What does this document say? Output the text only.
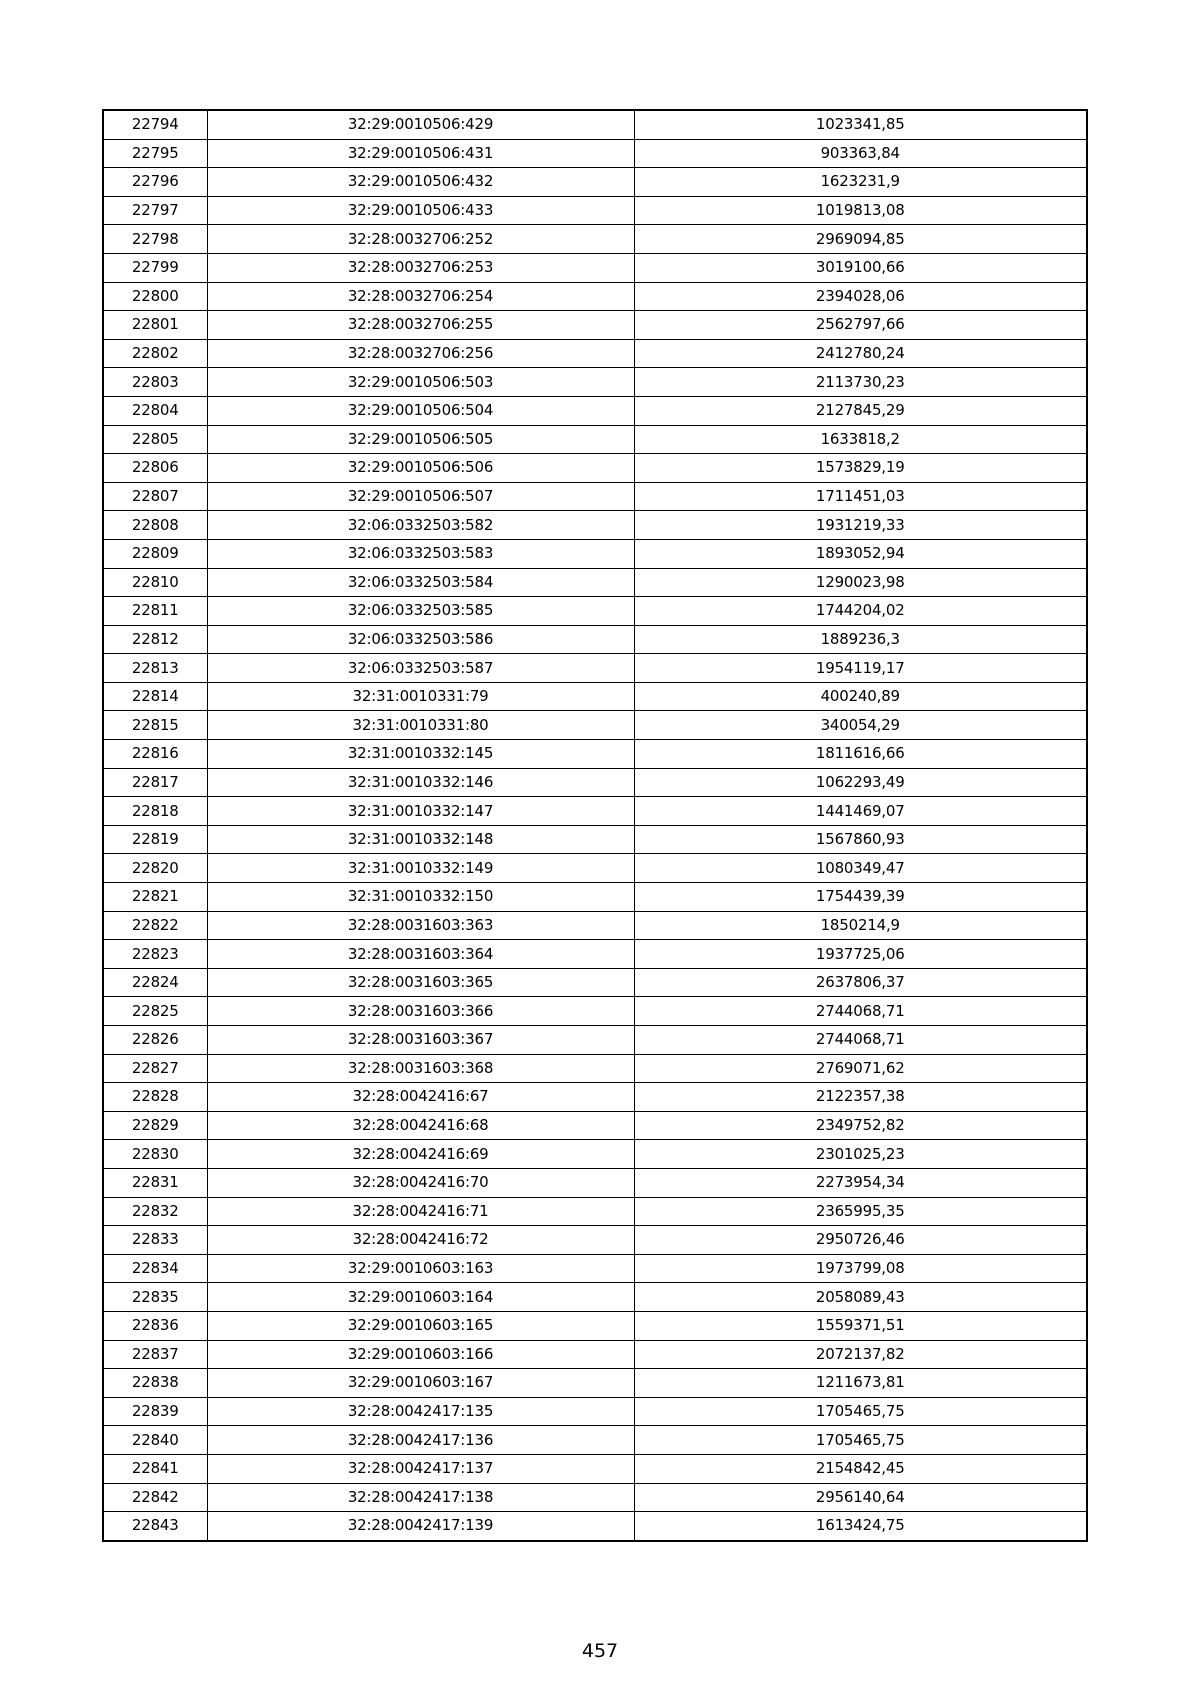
22794	32:29:0010506:429	1023341,85
22795	32:29:0010506:431	903363,84
22796	32:29:0010506:432	1623231,9
22797	32:29:0010506:433	1019813,08
22798	32:28:0032706:252	2969094,85
22799	32:28:0032706:253	3019100,66
22800	32:28:0032706:254	2394028,06
22801	32:28:0032706:255	2562797,66
22802	32:28:0032706:256	2412780,24
22803	32:29:0010506:503	2113730,23
22804	32:29:0010506:504	2127845,29
22805	32:29:0010506:505	1633818,2
22806	32:29:0010506:506	1573829,19
22807	32:29:0010506:507	1711451,03
22808	32:06:0332503:582	1931219,33
22809	32:06:0332503:583	1893052,94
22810	32:06:0332503:584	1290023,98
22811	32:06:0332503:585	1744204,02
22812	32:06:0332503:586	1889236,3
22813	32:06:0332503:587	1954119,17
22814	32:31:0010331:79	400240,89
22815	32:31:0010331:80	340054,29
22816	32:31:0010332:145	1811616,66
22817	32:31:0010332:146	1062293,49
22818	32:31:0010332:147	1441469,07
22819	32:31:0010332:148	1567860,93
22820	32:31:0010332:149	1080349,47
22821	32:31:0010332:150	1754439,39
22822	32:28:0031603:363	1850214,9
22823	32:28:0031603:364	1937725,06
22824	32:28:0031603:365	2637806,37
22825	32:28:0031603:366	2744068,71
22826	32:28:0031603:367	2744068,71
22827	32:28:0031603:368	2769071,62
22828	32:28:0042416:67	2122357,38
22829	32:28:0042416:68	2349752,82
22830	32:28:0042416:69	2301025,23
22831	32:28:0042416:70	2273954,34
22832	32:28:0042416:71	2365995,35
22833	32:28:0042416:72	2950726,46
22834	32:29:0010603:163	1973799,08
22835	32:29:0010603:164	2058089,43
22836	32:29:0010603:165	1559371,51
22837	32:29:0010603:166	2072137,82
22838	32:29:0010603:167	1211673,81
22839	32:28:0042417:135	1705465,75
22840	32:28:0042417:136	1705465,75
22841	32:28:0042417:137	2154842,45
22842	32:28:0042417:138	2956140,64
22843	32:28:0042417:139	1613424,75
457
